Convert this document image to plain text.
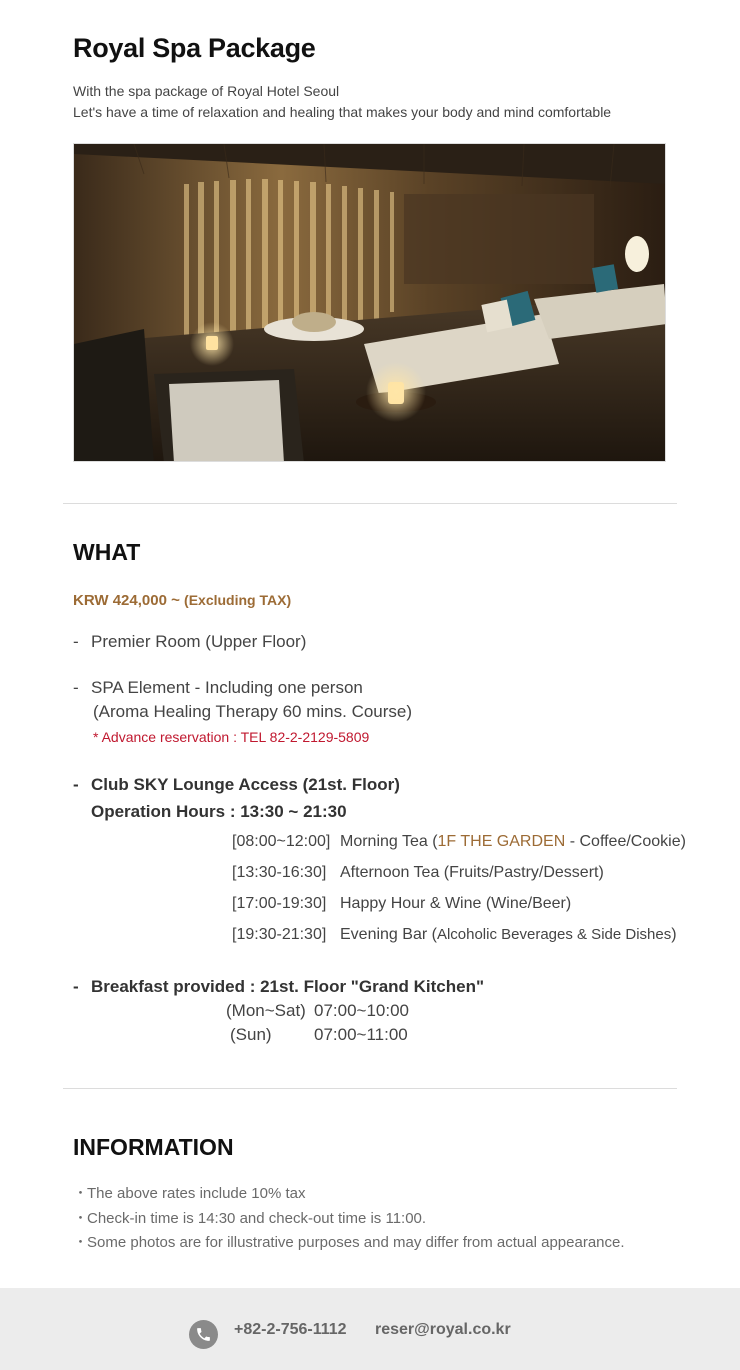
Royal Spa Package
With the spa package of Royal Hotel Seoul
Let's have a time of relaxation and healing that makes your body and mind comfortable
WHAT
KRW 424,000 ~ (Excluding TAX)
- Premier Room (Upper Floor)
- SPA Element - Including one person
(Aroma Healing Therapy 60 mins. Course)
* Advance reservation : TEL 82-2-2129-5809
- Club SKY Lounge Access (21st. Floor)
Operation Hours : 13:30 ~ 21:30
[08:00~12:00] Morning Tea (1F THE GARDEN - Coffee/Cookie)
[13:30-16:30] Afternoon Tea (Fruits/Pastry/Dessert)
[17:00-19:30] Happy Hour & Wine (Wine/Beer)
[19:30-21:30] Evening Bar (Alcoholic Beverages & Side Dishes)
- Breakfast provided : 21st. Floor "Grand Kitchen"
(Mon~Sat) 07:00~10:00
(Sun) 07:00~11:00
INFORMATION
・The above rates include 10% tax
・Check-in time is 14:30 and check-out time is 11:00.
・Some photos are for illustrative purposes and may differ from actual appearance.
+82-2-756-1112 reser@royal.co.kr
